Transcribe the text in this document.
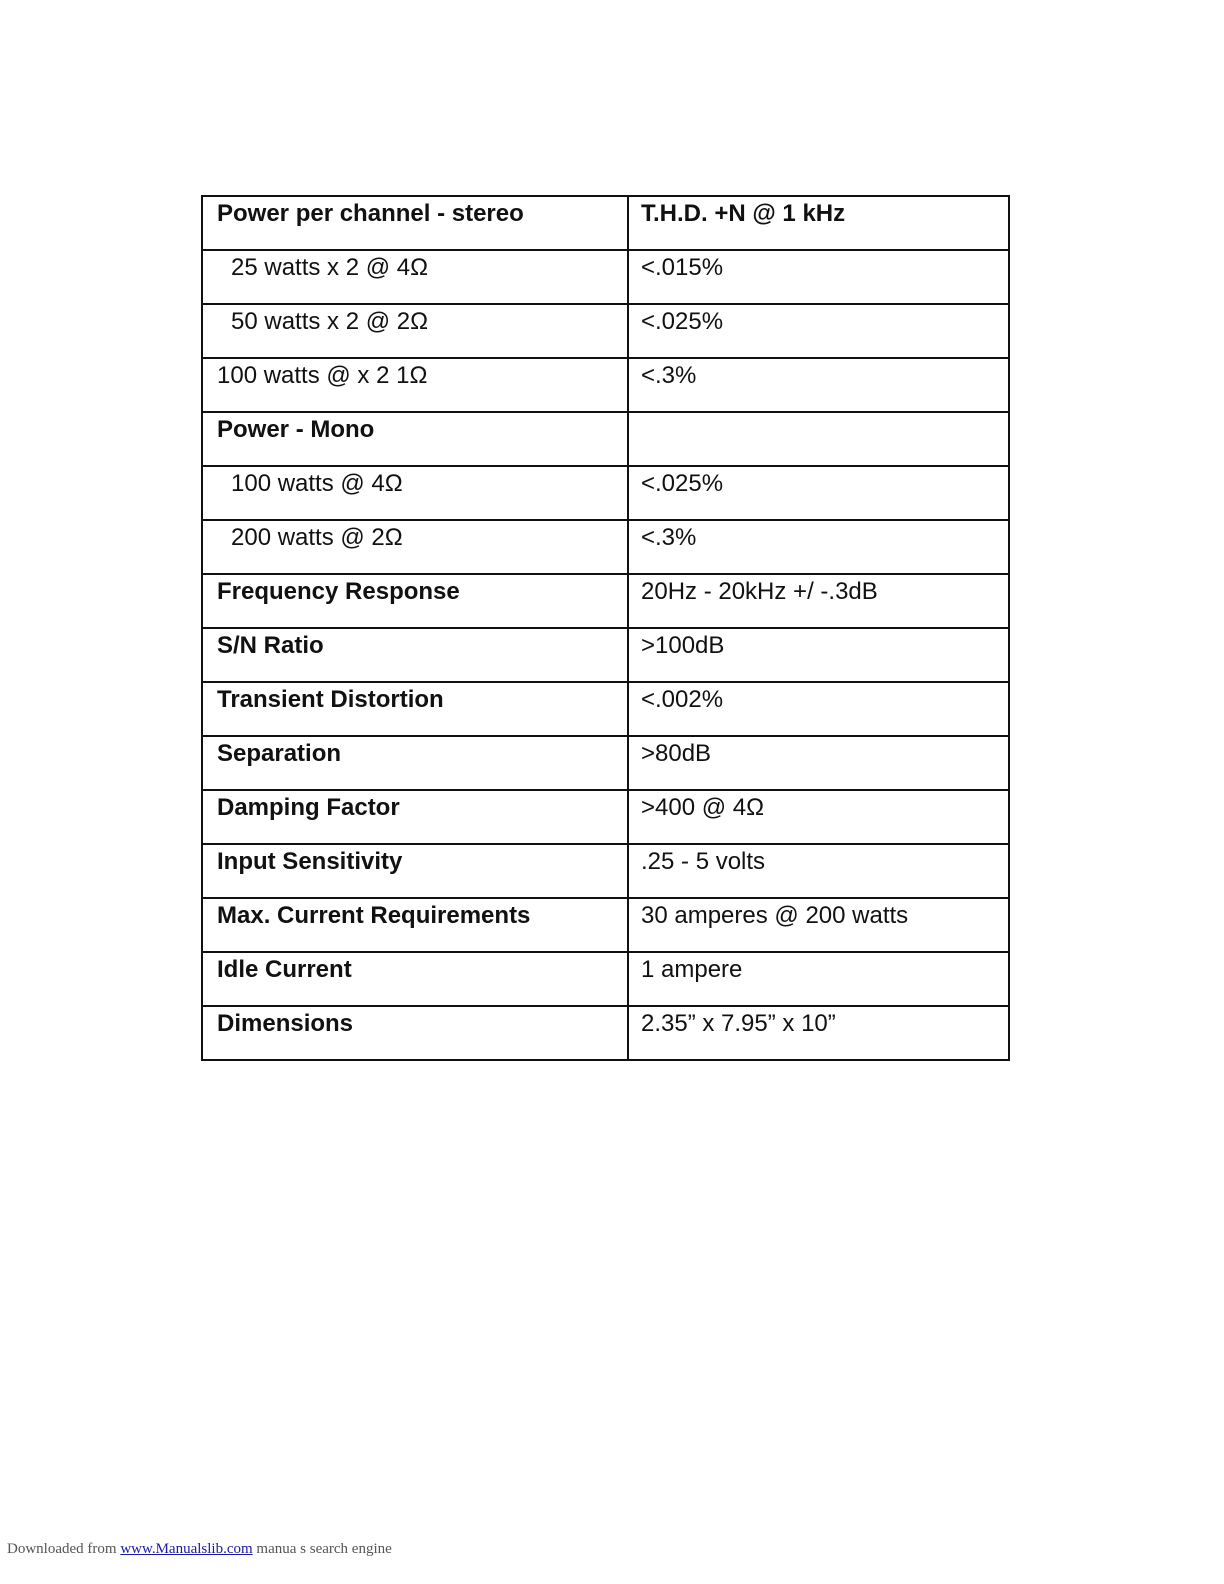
Power per channel - stereo	T.H.D. +N @ 1 kHz
25 watts x 2 @ 4Ω	<.015%
50 watts x 2 @ 2Ω	<.025%
100 watts @ x 2 1Ω	<.3%
Power - Mono	
100 watts @ 4Ω	<.025%
200 watts @ 2Ω	<.3%
Frequency Response	20Hz - 20kHz +/ -.3dB
S/N Ratio	>100dB
Transient Distortion	<.002%
Separation	>80dB
Damping Factor	>400 @ 4Ω
Input Sensitivity	.25 - 5 volts
Max. Current Requirements	30 amperes @ 200 watts
Idle Current	1 ampere
Dimensions	2.35” x 7.95” x 10”
Downloaded from www.Manualslib.com manua s search engine
